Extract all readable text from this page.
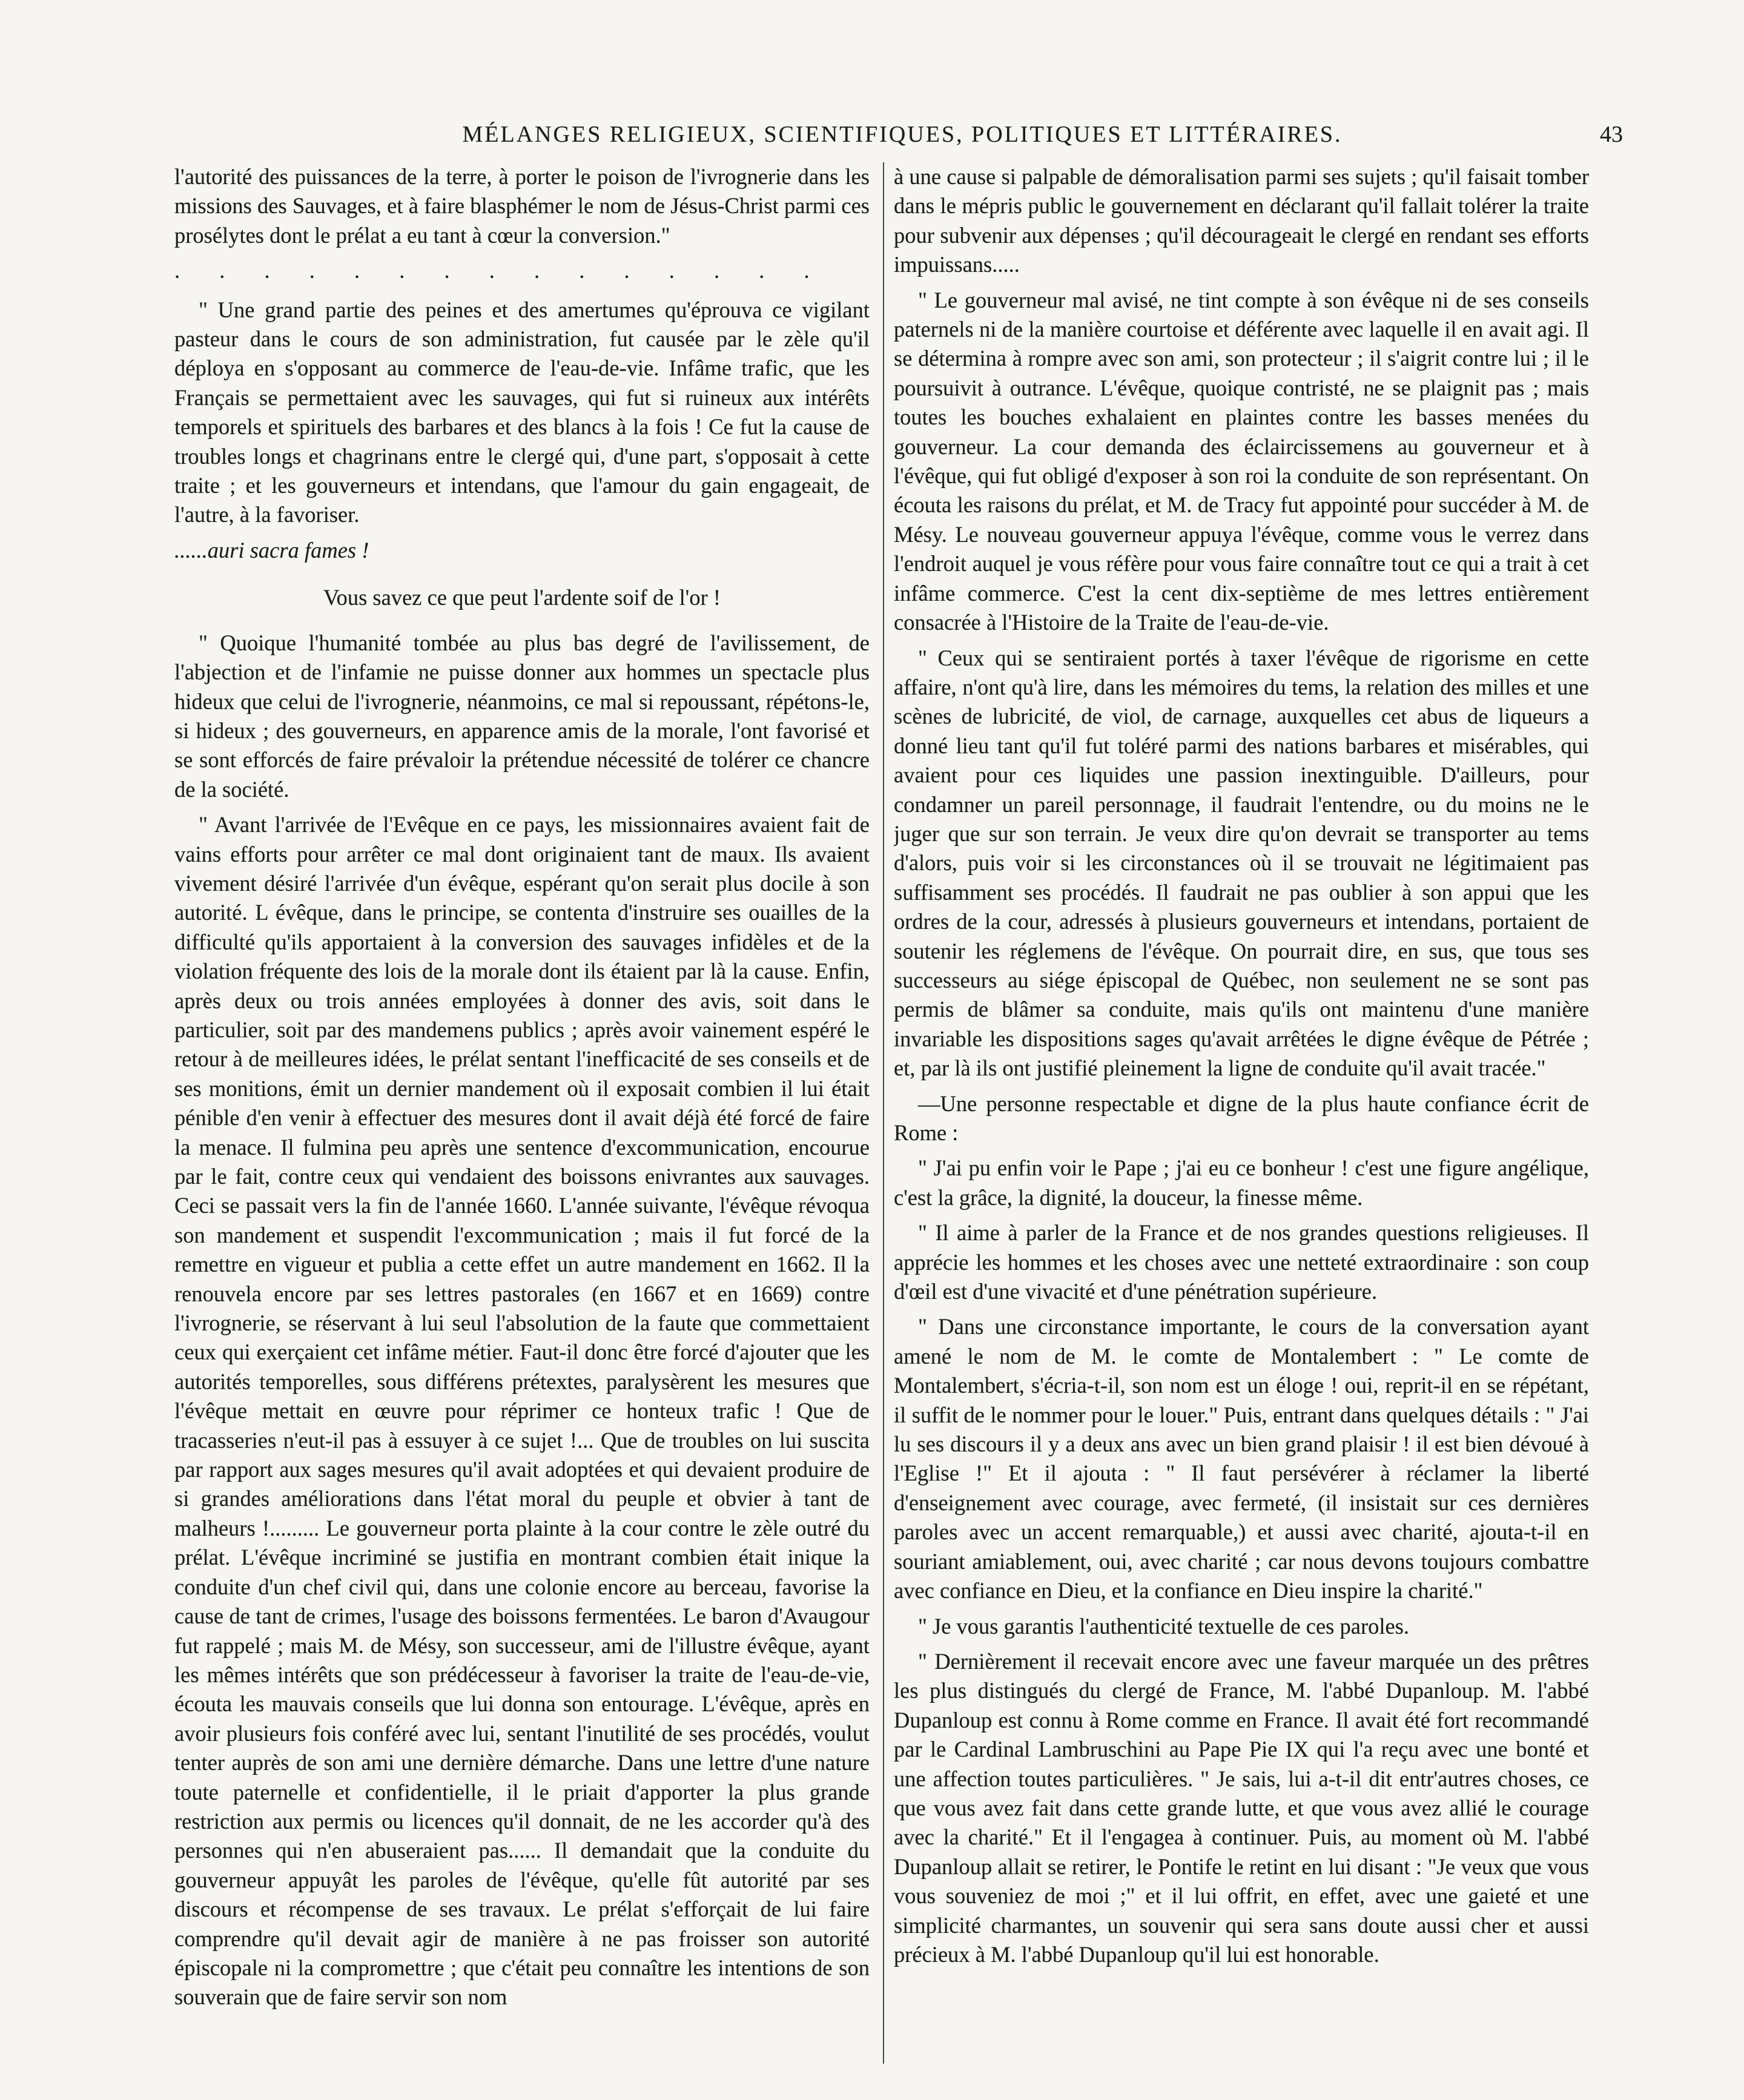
MÉLANGES RELIGIEUX, SCIENTIFIQUES, POLITIQUES ET LITTÉRAIRES.	43

l'autorité des puissances de la terre, à porter le poison de l'ivrognerie dans les missions des Sauvages, et à faire blasphémer le nom de Jésus-Christ parmi ces prosélytes dont le prélat a eu tant à cœur la conversion."

. . . . . . . . . . . . . . .

" Une grand partie des peines et des amertumes qu'éprouva ce vigilant pasteur dans le cours de son administration, fut causée par le zèle qu'il déploya en s'opposant au commerce de l'eau-de-vie. Infâme trafic, que les Français se permettaient avec les sauvages, qui fut si ruineux aux intérêts temporels et spirituels des barbares et des blancs à la fois ! Ce fut la cause de troubles longs et chagrinans entre le clergé qui, d'une part, s'opposait à cette traite ; et les gouverneurs et intendans, que l'amour du gain engageait, de l'autre, à la favoriser.

......auri sacra fames !

Vous savez ce que peut l'ardente soif de l'or !

" Quoique l'humanité tombée au plus bas degré de l'avilissement, de l'abjection et de l'infamie ne puisse donner aux hommes un spectacle plus hideux que celui de l'ivrognerie, néanmoins, ce mal si repoussant, répétons-le, si hideux ; des gouverneurs, en apparence amis de la morale, l'ont favorisé et se sont efforcés de faire prévaloir la prétendue nécessité de tolérer ce chancre de la société.

" Avant l'arrivée de l'Evêque en ce pays, les missionnaires avaient fait de vains efforts pour arrêter ce mal dont originaient tant de maux. Ils avaient vivement désiré l'arrivée d'un évêque, espérant qu'on serait plus docile à son autorité. L évêque, dans le principe, se contenta d'instruire ses ouailles de la difficulté qu'ils apportaient à la conversion des sauvages infidèles et de la violation fréquente des lois de la morale dont ils étaient par là la cause. Enfin, après deux ou trois années employées à donner des avis, soit dans le particulier, soit par des mandemens publics ; après avoir vainement espéré le retour à de meilleures idées, le prélat sentant l'inefficacité de ses conseils et de ses monitions, émit un dernier mandement où il exposait combien il lui était pénible d'en venir à effectuer des mesures dont il avait déjà été forcé de faire la menace. Il fulmina peu après une sentence d'excommunication, encourue par le fait, contre ceux qui vendaient des boissons enivrantes aux sauvages. Ceci se passait vers la fin de l'année 1660. L'année suivante, l'évêque révoqua son mandement et suspendit l'excommunication ; mais il fut forcé de la remettre en vigueur et publia a cette effet un autre mandement en 1662. Il la renouvela encore par ses lettres pastorales (en 1667 et en 1669) contre l'ivrognerie, se réservant à lui seul l'absolution de la faute que commettaient ceux qui exerçaient cet infâme métier. Faut-il donc être forcé d'ajouter que les autorités temporelles, sous différens prétextes, paralysèrent les mesures que l'évêque mettait en œuvre pour réprimer ce honteux trafic ! Que de tracasseries n'eut-il pas à essuyer à ce sujet !... Que de troubles on lui suscita par rapport aux sages mesures qu'il avait adoptées et qui devaient produire de si grandes améliorations dans l'état moral du peuple et obvier à tant de malheurs !......... Le gouverneur porta plainte à la cour contre le zèle outré du prélat. L'évêque incriminé se justifia en montrant combien était inique la conduite d'un chef civil qui, dans une colonie encore au berceau, favorise la cause de tant de crimes, l'usage des boissons fermentées. Le baron d'Avaugour fut rappelé ; mais M. de Mésy, son successeur, ami de l'illustre évêque, ayant les mêmes intérêts que son prédécesseur à favoriser la traite de l'eau-de-vie, écouta les mauvais conseils que lui donna son entourage. L'évêque, après en avoir plusieurs fois conféré avec lui, sentant l'inutilité de ses procédés, voulut tenter auprès de son ami une dernière démarche. Dans une lettre d'une nature toute paternelle et confidentielle, il le priait d'apporter la plus grande restriction aux permis ou licences qu'il donnait, de ne les accorder qu'à des personnes qui n'en abuseraient pas...... Il demandait que la conduite du gouverneur appuyât les paroles de l'évêque, qu'elle fût autorité par ses discours et récompense de ses travaux. Le prélat s'efforçait de lui faire comprendre qu'il devait agir de manière à ne pas froisser son autorité épiscopale ni la compromettre ; que c'était peu connaître les intentions de son souverain que de faire servir son nom

à une cause si palpable de démoralisation parmi ses sujets ; qu'il faisait tomber dans le mépris public le gouvernement en déclarant qu'il fallait tolérer la traite pour subvenir aux dépenses ; qu'il décourageait le clergé en rendant ses efforts impuissans.....

" Le gouverneur mal avisé, ne tint compte à son évêque ni de ses conseils paternels ni de la manière courtoise et déférente avec laquelle il en avait agi. Il se détermina à rompre avec son ami, son protecteur ; il s'aigrit contre lui ; il le poursuivit à outrance. L'évêque, quoique contristé, ne se plaignit pas ; mais toutes les bouches exhalaient en plaintes contre les basses menées du gouverneur. La cour demanda des éclaircissemens au gouverneur et à l'évêque, qui fut obligé d'exposer à son roi la conduite de son représentant. On écouta les raisons du prélat, et M. de Tracy fut appointé pour succéder à M. de Mésy. Le nouveau gouverneur appuya l'évêque, comme vous le verrez dans l'endroit auquel je vous réfère pour vous faire connaître tout ce qui a trait à cet infâme commerce. C'est la cent dix-septième de mes lettres entièrement consacrée à l'Histoire de la Traite de l'eau-de-vie.

" Ceux qui se sentiraient portés à taxer l'évêque de rigorisme en cette affaire, n'ont qu'à lire, dans les mémoires du tems, la relation des milles et une scènes de lubricité, de viol, de carnage, auxquelles cet abus de liqueurs a donné lieu tant qu'il fut toléré parmi des nations barbares et misérables, qui avaient pour ces liquides une passion inextinguible. D'ailleurs, pour condamner un pareil personnage, il faudrait l'entendre, ou du moins ne le juger que sur son terrain. Je veux dire qu'on devrait se transporter au tems d'alors, puis voir si les circonstances où il se trouvait ne légitimaient pas suffisamment ses procédés. Il faudrait ne pas oublier à son appui que les ordres de la cour, adressés à plusieurs gouverneurs et intendans, portaient de soutenir les réglemens de l'évêque. On pourrait dire, en sus, que tous ses successeurs au siége épiscopal de Québec, non seulement ne se sont pas permis de blâmer sa conduite, mais qu'ils ont maintenu d'une manière invariable les dispositions sages qu'avait arrêtées le digne évêque de Pétrée ; et, par là ils ont justifié pleinement la ligne de conduite qu'il avait tracée."

—Une personne respectable et digne de la plus haute confiance écrit de Rome :

" J'ai pu enfin voir le Pape ; j'ai eu ce bonheur ! c'est une figure angélique, c'est la grâce, la dignité, la douceur, la finesse même.

" Il aime à parler de la France et de nos grandes questions religieuses. Il apprécie les hommes et les choses avec une netteté extraordinaire : son coup d'œil est d'une vivacité et d'une pénétration supérieure.

" Dans une circonstance importante, le cours de la conversation ayant amené le nom de M. le comte de Montalembert : " Le comte de Montalembert, s'écria-t-il, son nom est un éloge ! oui, reprit-il en se répétant, il suffit de le nommer pour le louer." Puis, entrant dans quelques détails : " J'ai lu ses discours il y a deux ans avec un bien grand plaisir ! il est bien dévoué à l'Eglise !" Et il ajouta : " Il faut persévérer à réclamer la liberté d'enseignement avec courage, avec fermeté, (il insistait sur ces dernières paroles avec un accent remarquable,) et aussi avec charité, ajouta-t-il en souriant amiablement, oui, avec charité ; car nous devons toujours combattre avec confiance en Dieu, et la confiance en Dieu inspire la charité."

" Je vous garantis l'authenticité textuelle de ces paroles.

" Dernièrement il recevait encore avec une faveur marquée un des prêtres les plus distingués du clergé de France, M. l'abbé Dupanloup. M. l'abbé Dupanloup est connu à Rome comme en France. Il avait été fort recommandé par le Cardinal Lambruschini au Pape Pie IX qui l'a reçu avec une bonté et une affection toutes particulières. " Je sais, lui a-t-il dit entr'autres choses, ce que vous avez fait dans cette grande lutte, et que vous avez allié le courage avec la charité." Et il l'engagea à continuer. Puis, au moment où M. l'abbé Dupanloup allait se retirer, le Pontife le retint en lui disant : "Je veux que vous vous souveniez de moi ;" et il lui offrit, en effet, avec une gaieté et une simplicité charmantes, un souvenir qui sera sans doute aussi cher et aussi précieux à M. l'abbé Dupanloup qu'il lui est honorable.
